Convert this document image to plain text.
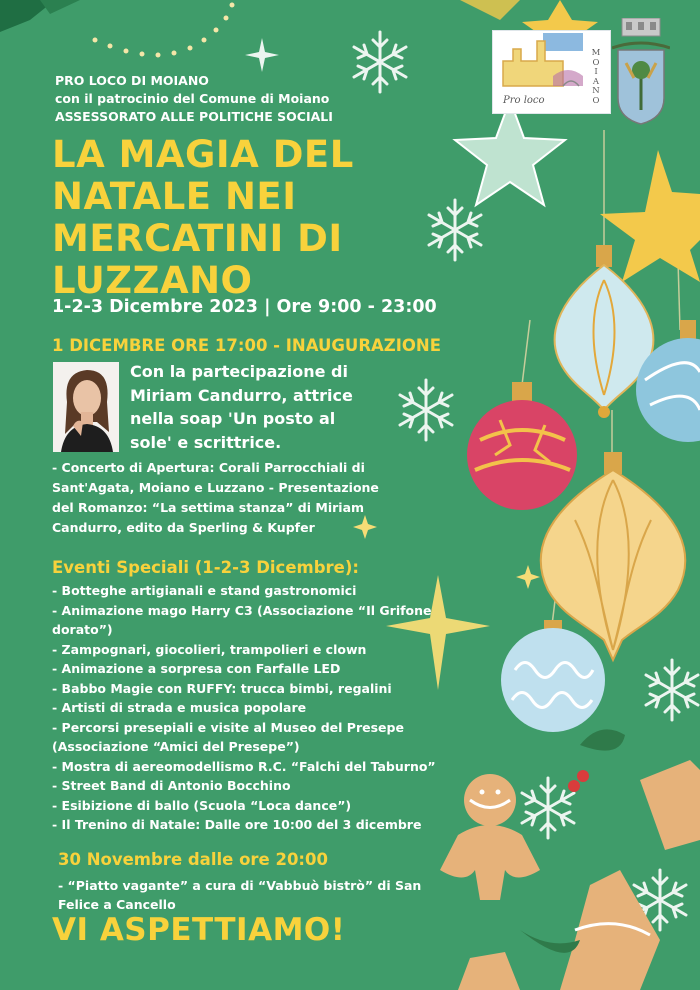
Pro loco
M
O
I
A
N
O
PRO LOCO DI MOIANO
con il patrocinio del Comune di Moiano
ASSESSORATO ALLE POLITICHE SOCIALI
LA MAGIA DEL
NATALE NEI
MERCATINI DI
LUZZANO
1-2-3 Dicembre 2023 | Ore 9:00 - 23:00
1 DICEMBRE ORE 17:00 - INAUGURAZIONE
Con la partecipazione di
Miriam Candurro, attrice
nella soap 'Un posto al
sole' e scrittrice.
- Concerto di Apertura: Corali Parrocchiali di
Sant'Agata, Moiano e Luzzano - Presentazione
del Romanzo: “La settima stanza” di Miriam
Candurro, edito da Sperling & Kupfer
Eventi Speciali (1-2-3 Dicembre):
- Botteghe artigianali e stand gastronomici
- Animazione mago Harry C3 (Associazione “Il Grifone
dorato”)
- Zampognari, giocolieri, trampolieri e clown
- Animazione a sorpresa con Farfalle LED
- Babbo Magie con RUFFY: trucca bimbi, regalini
- Artisti di strada e musica popolare
- Percorsi presepiali e visite al Museo del Presepe
(Associazione “Amici del Presepe”)
- Mostra di aereomodellismo R.C. “Falchi del Taburno”
- Street Band di Antonio Bocchino
- Esibizione di ballo (Scuola “Loca dance”)
- Il Trenino di Natale: Dalle ore 10:00 del 3 dicembre
30 Novembre dalle ore 20:00
- “Piatto vagante” a cura di “Vabbuò bistrò” di San
Felice a Cancello
VI ASPETTIAMO!
